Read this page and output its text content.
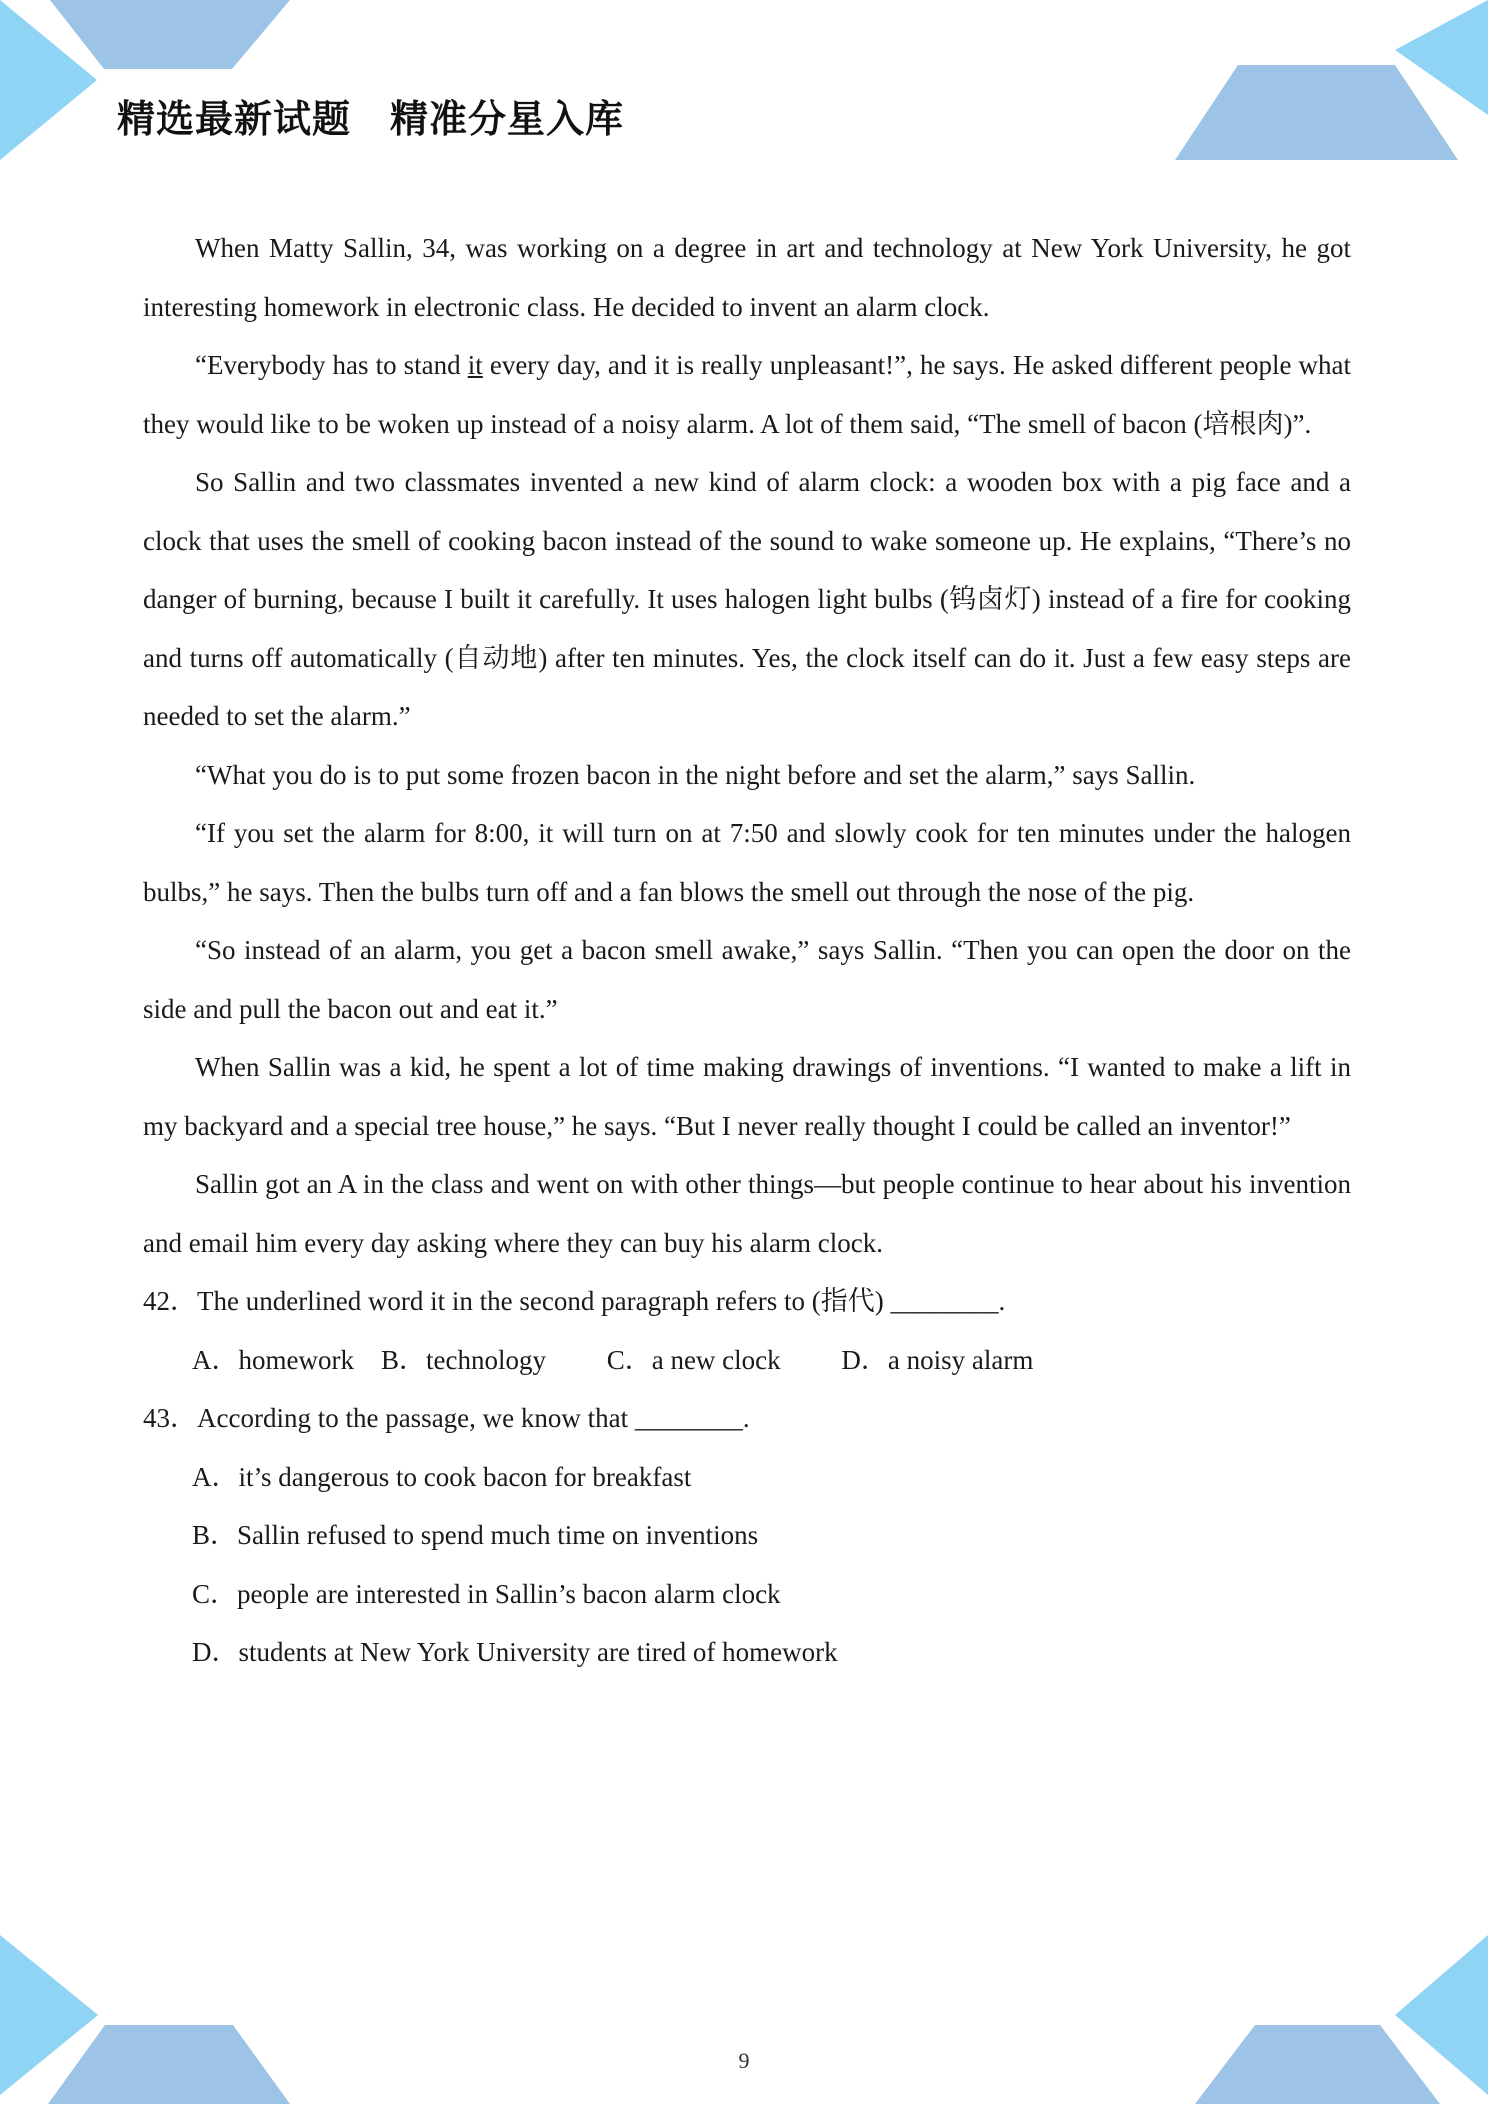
精选最新试题　精准分星入库

When Matty Sallin, 34, was working on a degree in art and technology at New York University, he got interesting homework in electronic class. He decided to invent an alarm clock.

“Everybody has to stand it every day, and it is really unpleasant!”, he says. He asked different people what they would like to be woken up instead of a noisy alarm. A lot of them said, “The smell of bacon (培根肉)”.

So Sallin and two classmates invented a new kind of alarm clock: a wooden box with a pig face and a clock that uses the smell of cooking bacon instead of the sound to wake someone up. He explains, “There’s no danger of burning, because I built it carefully. It uses halogen light bulbs (钨卤灯) instead of a fire for cooking and turns off automatically (自动地) after ten minutes. Yes, the clock itself can do it. Just a few easy steps are needed to set the alarm.”

“What you do is to put some frozen bacon in the night before and set the alarm,” says Sallin.

“If you set the alarm for 8:00, it will turn on at 7:50 and slowly cook for ten minutes under the halogen bulbs,” he says. Then the bulbs turn off and a fan blows the smell out through the nose of the pig.

“So instead of an alarm, you get a bacon smell awake,” says Sallin. “Then you can open the door on the side and pull the bacon out and eat it.”

When Sallin was a kid, he spent a lot of time making drawings of inventions. “I wanted to make a lift in my backyard and a special tree house,” he says. “But I never really thought I could be called an inventor!”

Sallin got an A in the class and went on with other things—but people continue to hear about his invention and email him every day asking where they can buy his alarm clock.

42．The underlined word it in the second paragraph refers to (指代) ________.

A．homework　B．technology　　 C．a new clock　　 D．a noisy alarm

43．According to the passage, we know that ________.

A．it’s dangerous to cook bacon for breakfast

B．Sallin refused to spend much time on inventions

C．people are interested in Sallin’s bacon alarm clock

D．students at New York University are tired of homework

9
